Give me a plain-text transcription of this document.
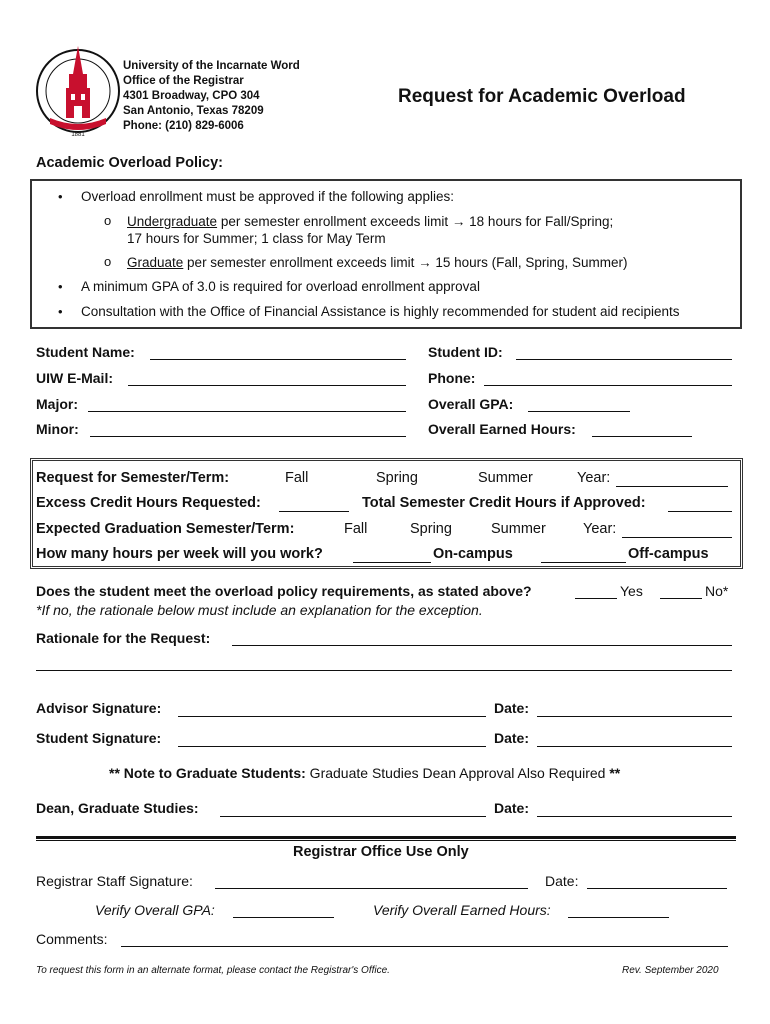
1881
University of the Incarnate Word
Office of the Registrar
4301 Broadway, CPO 304
San Antonio, Texas 78209
Phone: (210) 829-6006
Request for Academic Overload
Academic Overload Policy:
• Overload enrollment must be approved if the following applies:
o Undergraduate per semester enrollment exceeds limit → 18 hours for Fall/Spring;
17 hours for Summer; 1 class for May Term
o Graduate per semester enrollment exceeds limit → 15 hours (Fall, Spring, Summer)
• A minimum GPA of 3.0 is required for overload enrollment approval
• Consultation with the Office of Financial Assistance is highly recommended for student aid recipients
Student Name:	Student ID:
UIW E-Mail:	Phone:
Major:	Overall GPA:
Minor:	Overall Earned Hours:
Request for Semester/Term:	Fall	Spring	Summer	Year:
Excess Credit Hours Requested:	Total Semester Credit Hours if Approved:
Expected Graduation Semester/Term:	Fall	Spring	Summer	Year:
How many hours per week will you work?	On-campus	Off-campus
Does the student meet the overload policy requirements, as stated above?	Yes	No*
*If no, the rationale below must include an explanation for the exception.
Rationale for the Request:
Advisor Signature:	Date:
Student Signature:	Date:
** Note to Graduate Students: Graduate Studies Dean Approval Also Required **
Dean, Graduate Studies:	Date:
Registrar Office Use Only
Registrar Staff Signature:	Date:
Verify Overall GPA:	Verify Overall Earned Hours:
Comments:
To request this form in an alternate format, please contact the Registrar's Office.	Rev. September 2020
